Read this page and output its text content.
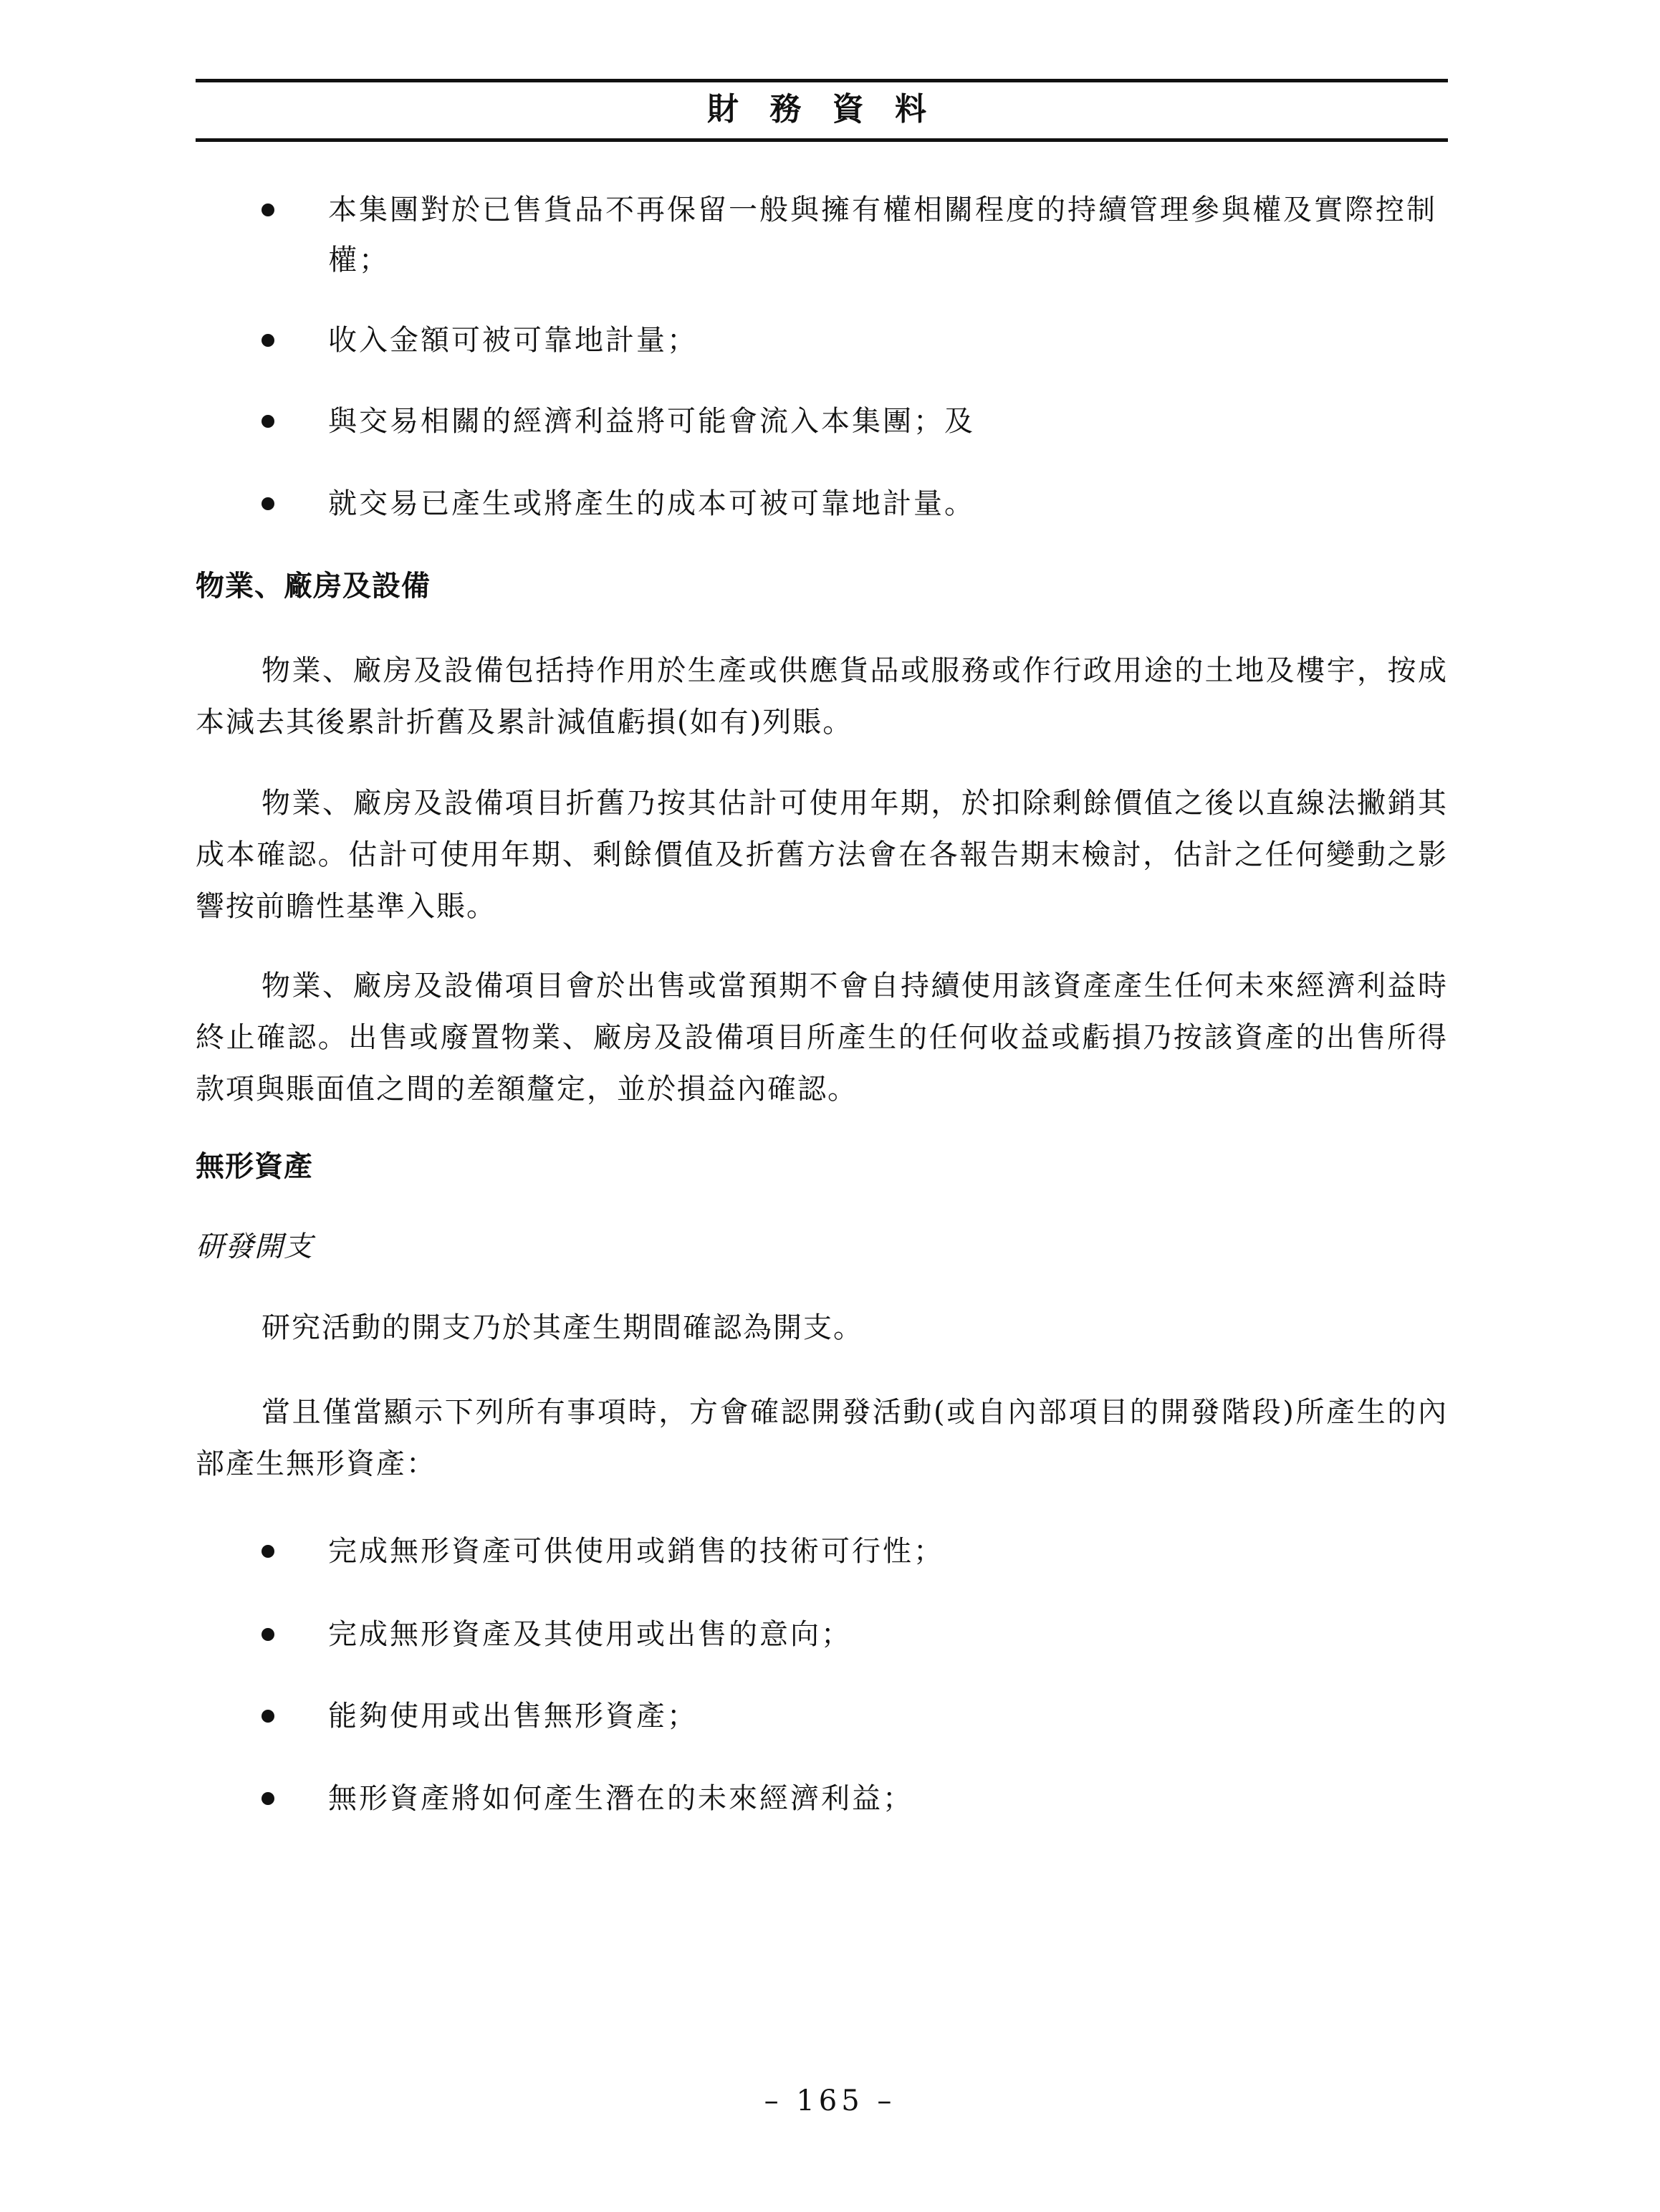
財 務 資 料
本集團對於已售貨品不再保留一般與擁有權相關程度的持續管理參與權及實際控制權；
收入金額可被可靠地計量；
與交易相關的經濟利益將可能會流入本集團；及
就交易已產生或將產生的成本可被可靠地計量。
物業、廠房及設備
物業、廠房及設備包括持作用於生產或供應貨品或服務或作行政用途的土地及樓宇，按成本減去其後累計折舊及累計減值虧損(如有)列賬。
物業、廠房及設備項目折舊乃按其估計可使用年期，於扣除剩餘價值之後以直線法撇銷其成本確認。估計可使用年期、剩餘價值及折舊方法會在各報告期末檢討，估計之任何變動之影響按前瞻性基準入賬。
物業、廠房及設備項目會於出售或當預期不會自持續使用該資產產生任何未來經濟利益時終止確認。出售或廢置物業、廠房及設備項目所產生的任何收益或虧損乃按該資產的出售所得款項與賬面值之間的差額釐定，並於損益內確認。
無形資產
研發開支
研究活動的開支乃於其產生期間確認為開支。
當且僅當顯示下列所有事項時，方會確認開發活動(或自內部項目的開發階段)所產生的內部產生無形資產：
完成無形資產可供使用或銷售的技術可行性；
完成無形資產及其使用或出售的意向；
能夠使用或出售無形資產；
無形資產將如何產生潛在的未來經濟利益；
– 165 –
